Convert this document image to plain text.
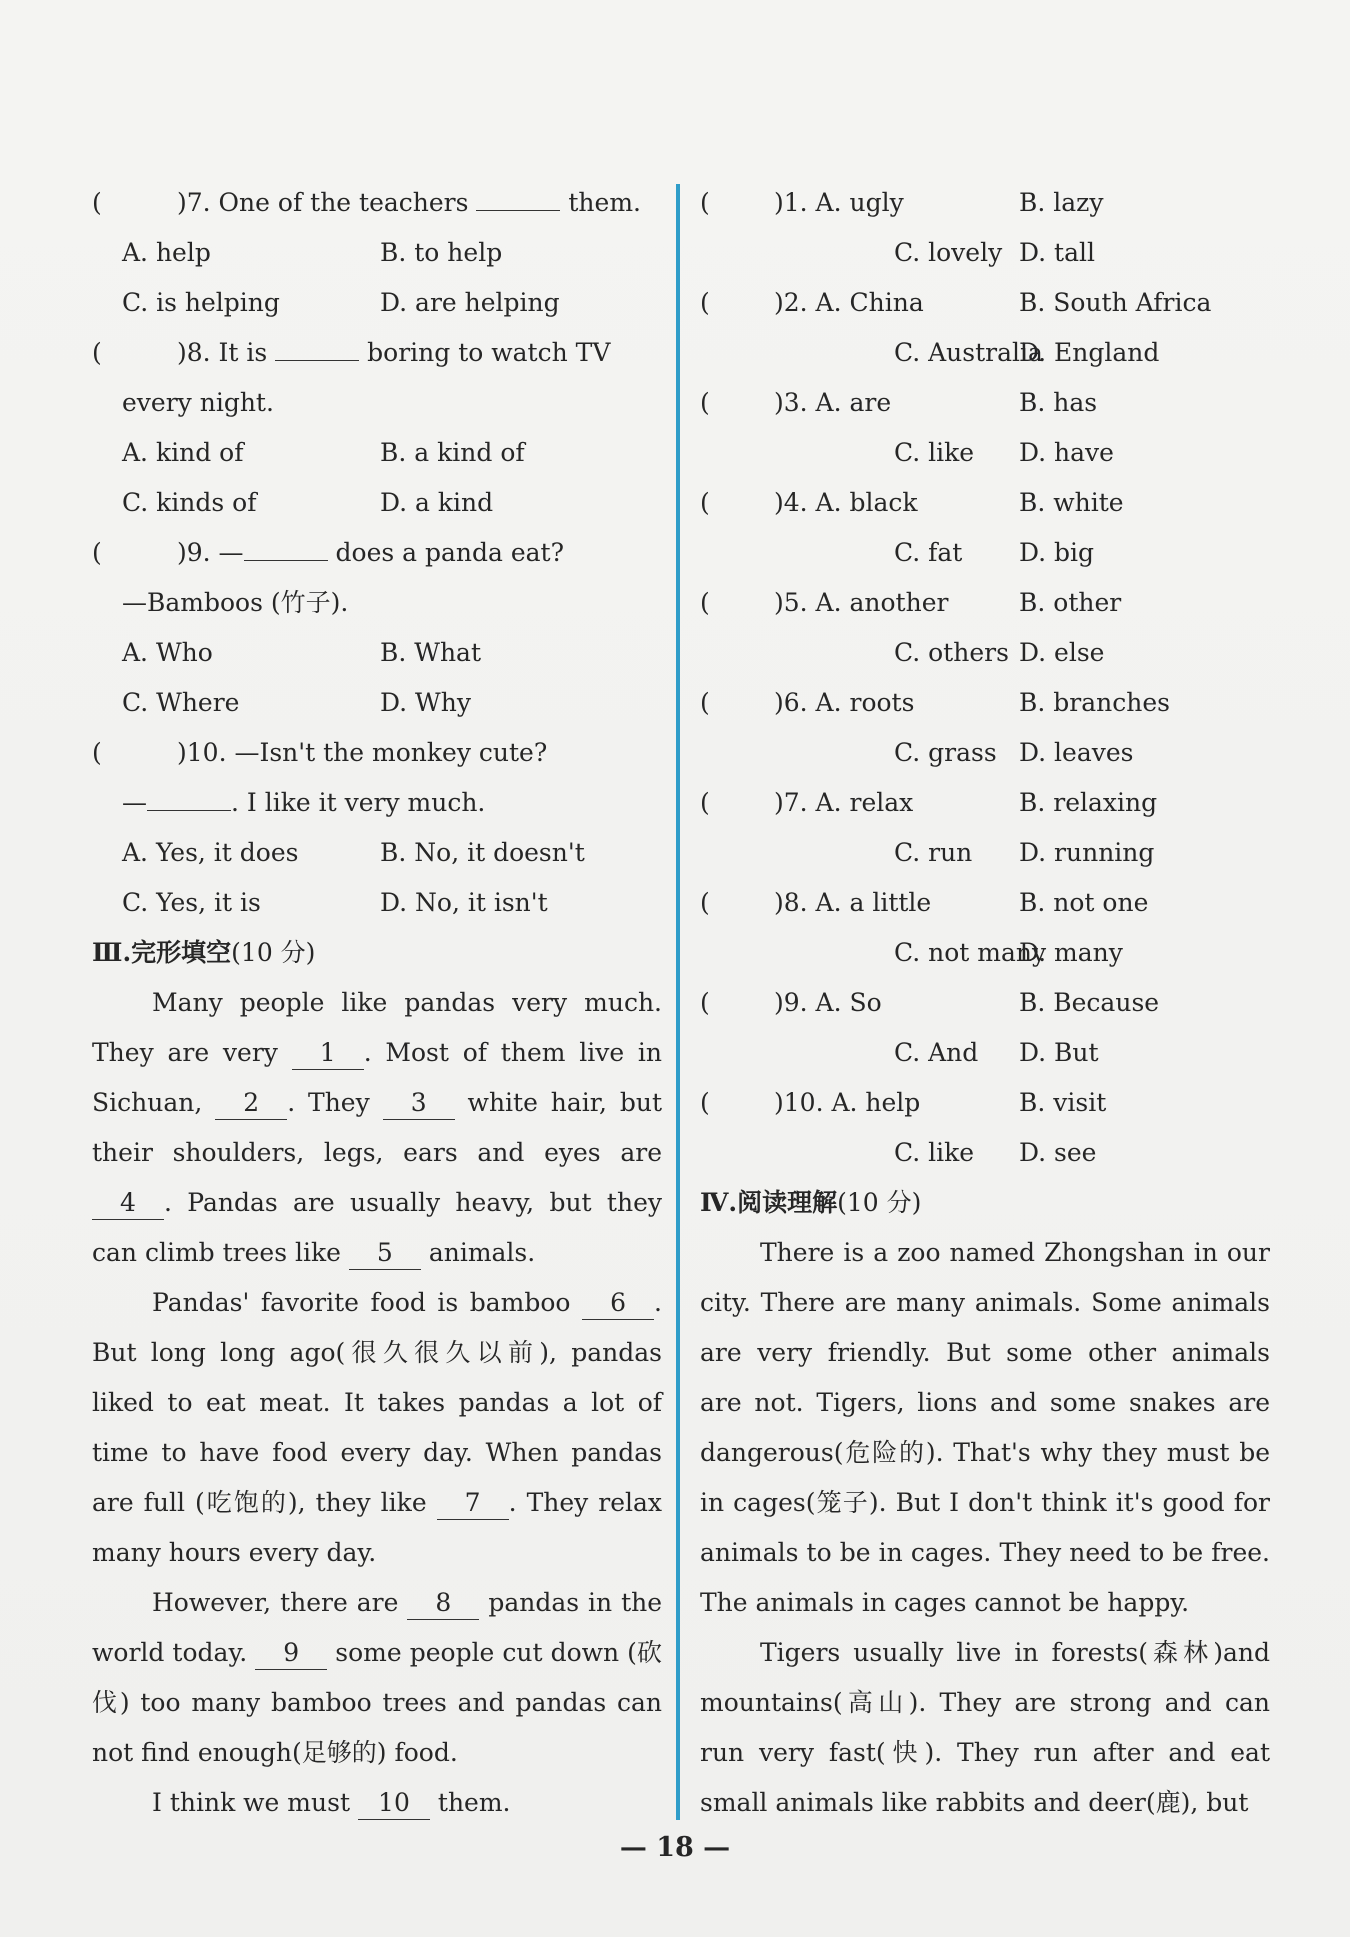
(	)7. One of the teachers	them.
A. help	B. to help
C. is helping	D. are helping
(	)8. It is	boring to watch TV
every night.
A. kind of	B. a kind of
C. kinds of	D. a kind
(	)9. —	does a panda eat?
—Bamboos (竹子).
A. Who	B. What
C. Where	D. Why
(	)10. —Isn't the monkey cute?
—	. I like it very much.
A. Yes, it does	B. No, it doesn't
C. Yes, it is	D. No, it isn't
Ⅲ.完形填空(10 分)
Many people like pandas very much. They are very 1 . Most of them live in Sichuan, 2 . They 3 white hair, but their shoulders, legs, ears and eyes are 4 . Pandas are usually heavy, but they can climb trees like 5 animals.
Pandas' favorite food is bamboo 6 . But long long ago(很久很久以前), pandas liked to eat meat. It takes pandas a lot of time to have food every day. When pandas are full (吃饱的), they like 7 . They relax many hours every day.
However, there are 8 pandas in the world today. 9 some people cut down (砍伐) too many bamboo trees and pandas can not find enough(足够的) food.
I think we must 10 them.
(	)1. A. ugly	B. lazy
C. lovely D. tall
(	)2. A. China	B. South Africa
C. Australia
D. England
(	)3. A. are	B. has
C. like	D. have
(	)4. A. black	B. white
C. fat	D. big
(	)5. A. another	B. other
C. others D. else
(	)6. A. roots	B. branches
C. grass D. leaves
(	)7. A. relax	B. relaxing
C. run	D. running
(	)8. A. a little	B. not one
C. not many
D. many
(	)9. A. So	B. Because
C. And	D. But
(	)10. A. help	B. visit
C. like	D. see
Ⅳ.阅读理解(10 分)
There is a zoo named Zhongshan in our city. There are many animals. Some animals are very friendly. But some other animals are not. Tigers, lions and some snakes are dangerous(危险的). That's why they must be in cages(笼子). But I don't think it's good for animals to be in cages. They need to be free. The animals in cages cannot be happy.
Tigers usually live in forests(森林)and mountains(高山). They are strong and can run very fast(快). They run after and eat small animals like rabbits and deer(鹿), but
— 18 —
